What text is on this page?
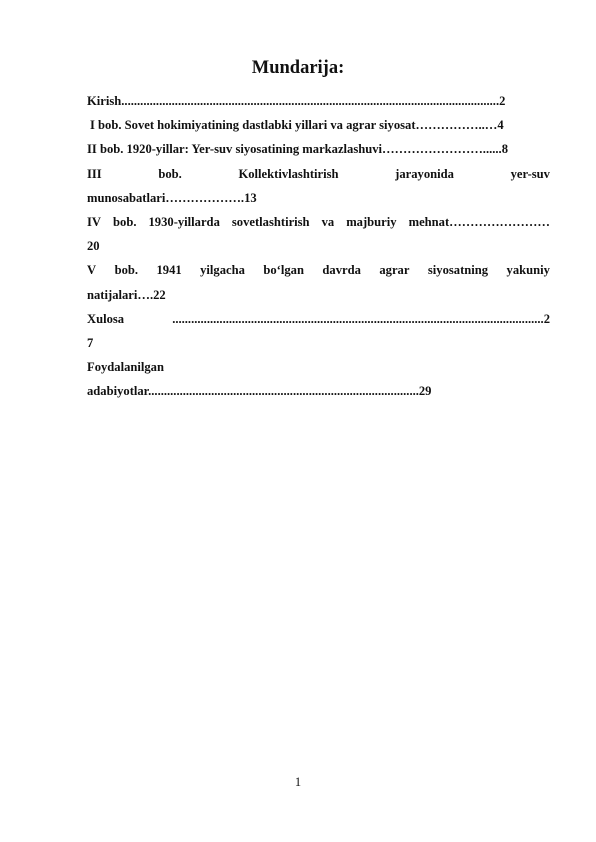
Mundarija:
Kirish........................................................................................................................2
I bob. Sovet hokimiyatining dastlabki yillari va agrar siyosat……………..…4
II bob. 1920-yillar: Yer-suv siyosatining markazlashuvi……………………......8
III	bob.	Kollektivlashtirish	jarayonida	yer-suv
munosabatlari……………….13
IV bob. 1930-yillarda sovetlashtirish va majburiy mehnat……………………
20
V bob. 1941 yilgacha bo‘lgan davrda agrar siyosatning yakuniy
natijalari….22
Xulosa	......................................................................................................................2
7
Foydalanilgan
adabiyotlar......................................................................................29
1
